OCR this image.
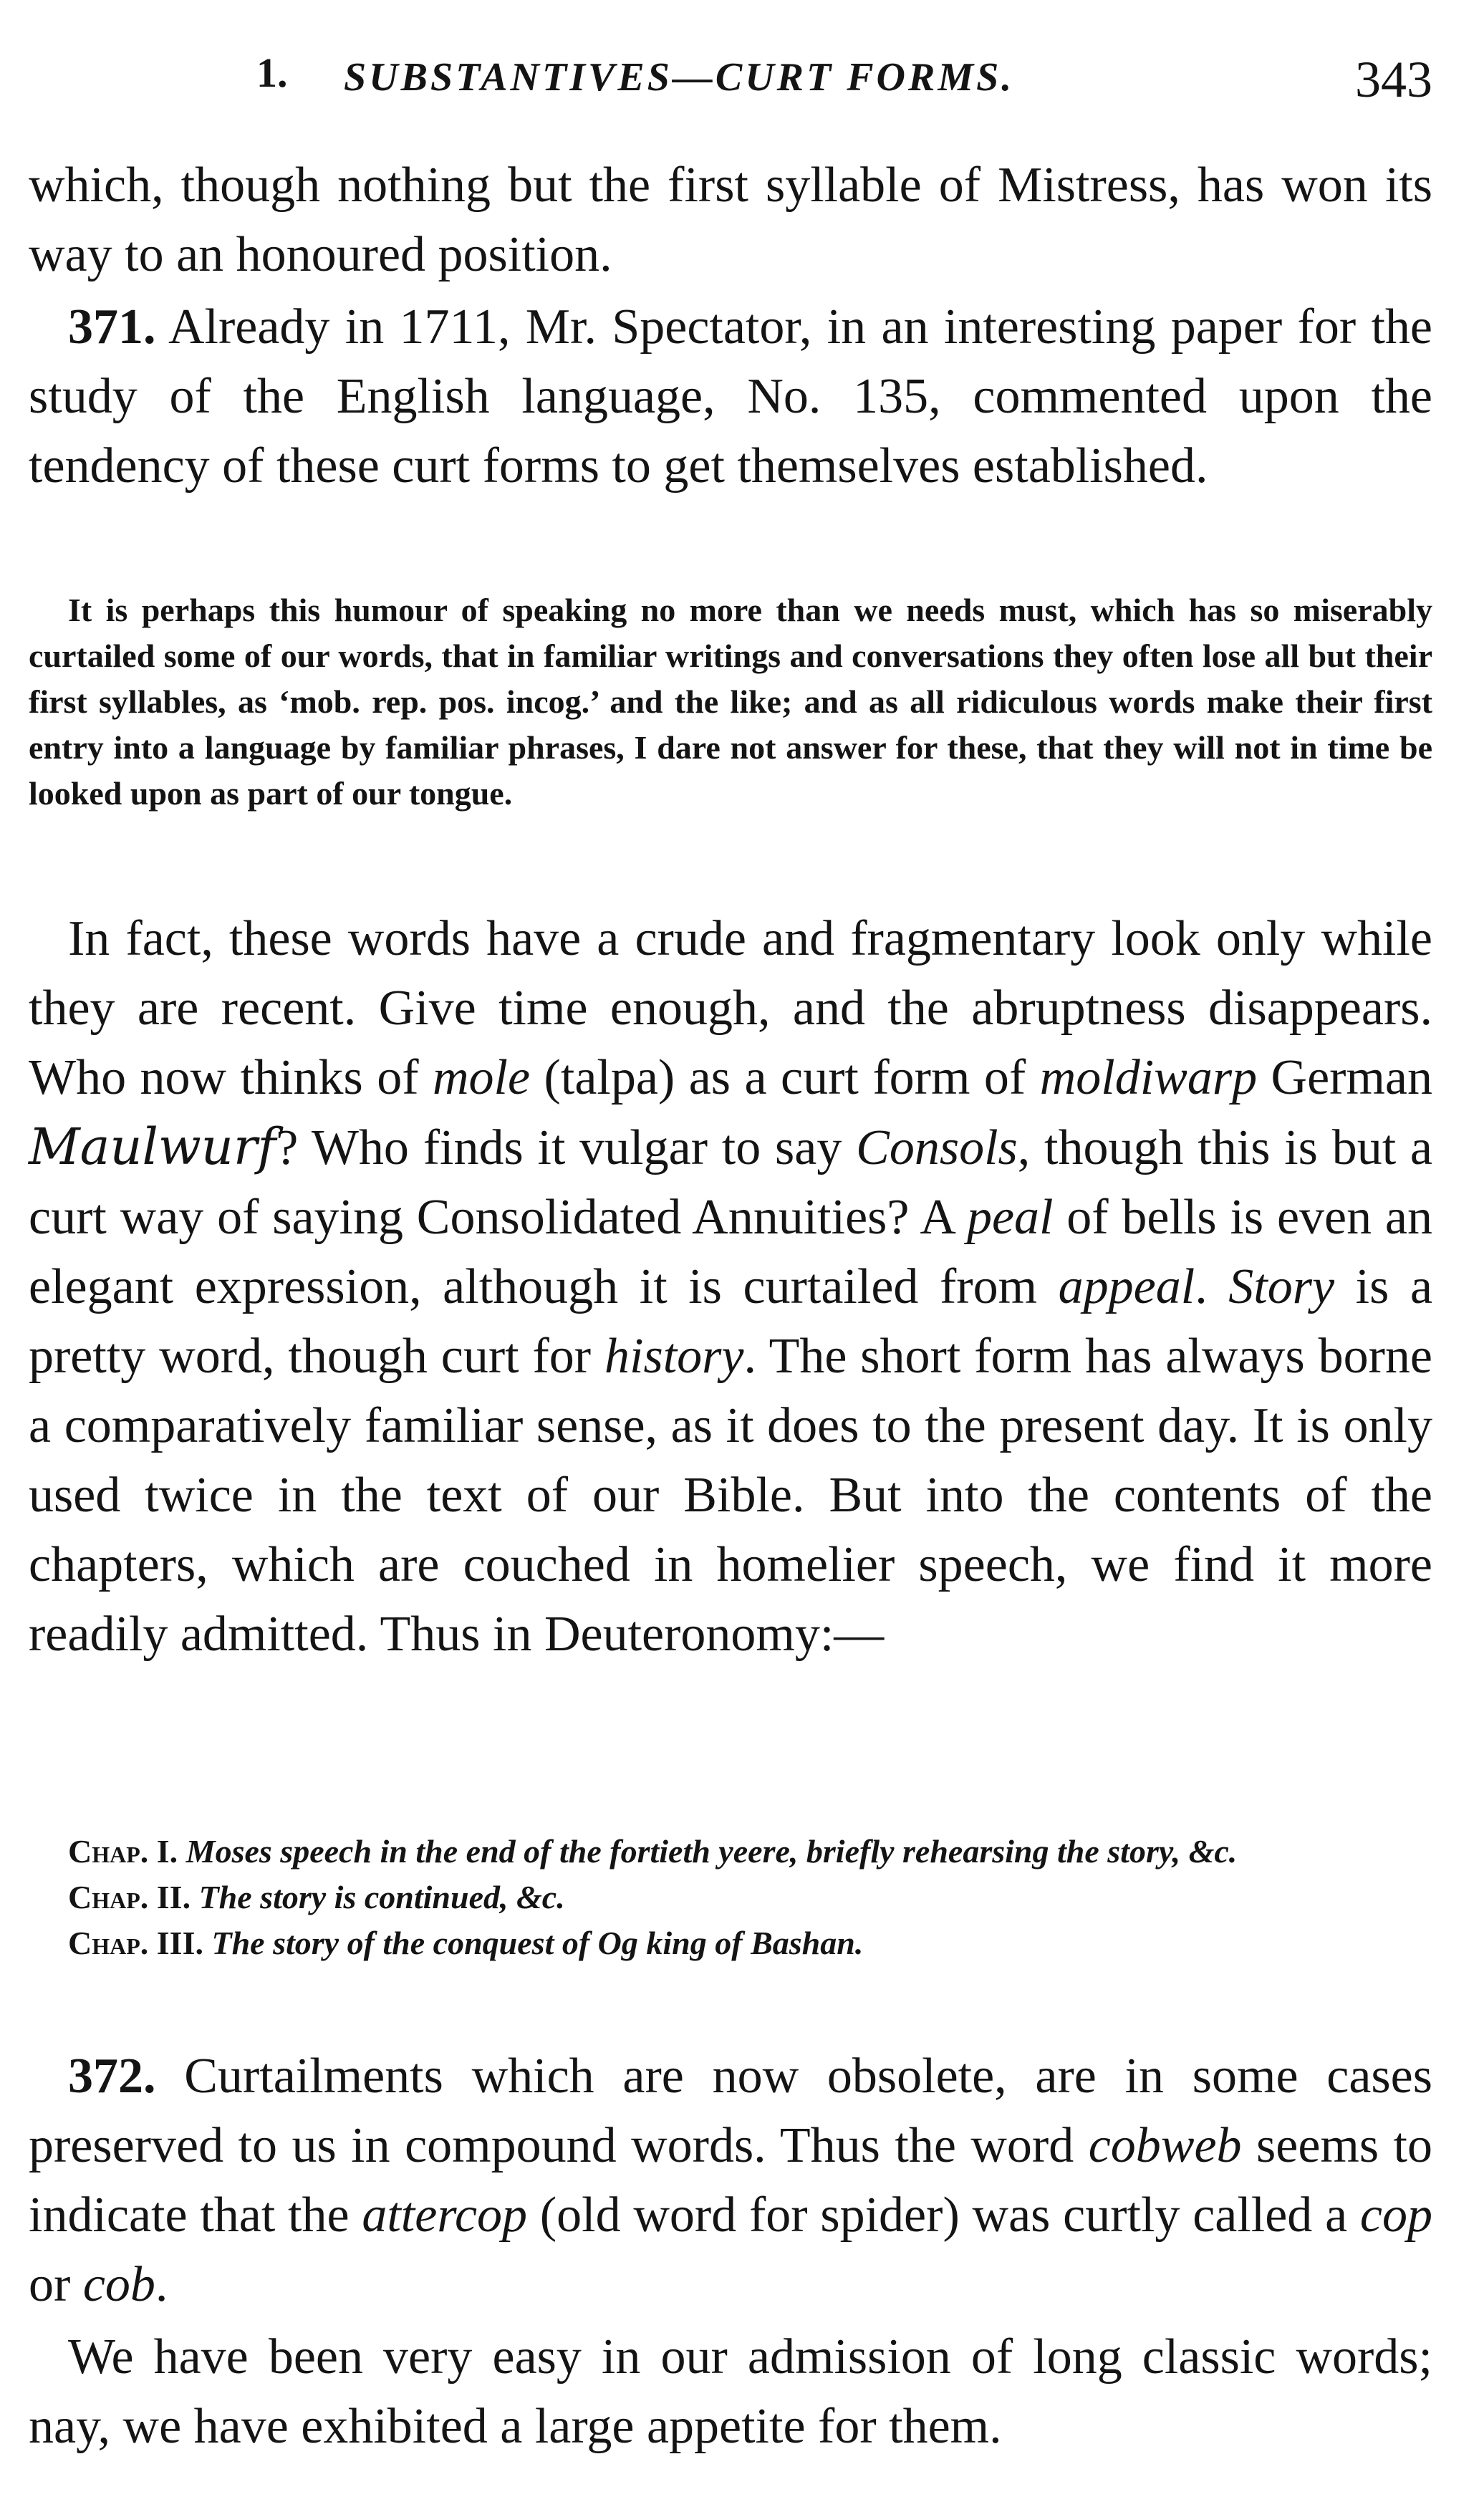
1. SUBSTANTIVES—CURT FORMS.	343

which, though nothing but the first syllable of Mistress, has won its way to an honoured position.

371. Already in 1711, Mr. Spectator, in an interesting paper for the study of the English language, No. 135, commented upon the tendency of these curt forms to get themselves established.

It is perhaps this humour of speaking no more than we needs must, which has so miserably curtailed some of our words, that in familiar writings and conversations they often lose all but their first syllables, as ‘mob. rep. pos. incog.’ and the like; and as all ridiculous words make their first entry into a language by familiar phrases, I dare not answer for these, that they will not in time be looked upon as part of our tongue.

In fact, these words have a crude and fragmentary look only while they are recent. Give time enough, and the abruptness disappears. Who now thinks of mole (talpa) as a curt form of moldiwarp German Maulwurf? Who finds it vulgar to say Consols, though this is but a curt way of saying Consolidated Annuities? A peal of bells is even an elegant expression, although it is curtailed from appeal. Story is a pretty word, though curt for history. The short form has always borne a comparatively familiar sense, as it does to the present day. It is only used twice in the text of our Bible. But into the contents of the chapters, which are couched in homelier speech, we find it more readily admitted. Thus in Deuteronomy:—

Chap. I. Moses speech in the end of the fortieth yeere, briefly rehearsing the story, &c.

Chap. II. The story is continued, &c.

Chap. III. The story of the conquest of Og king of Bashan.

372. Curtailments which are now obsolete, are in some cases preserved to us in compound words. Thus the word cobweb seems to indicate that the attercop (old word for spider) was curtly called a cop or cob.

We have been very easy in our admission of long classic words; nay, we have exhibited a large appetite for them.
